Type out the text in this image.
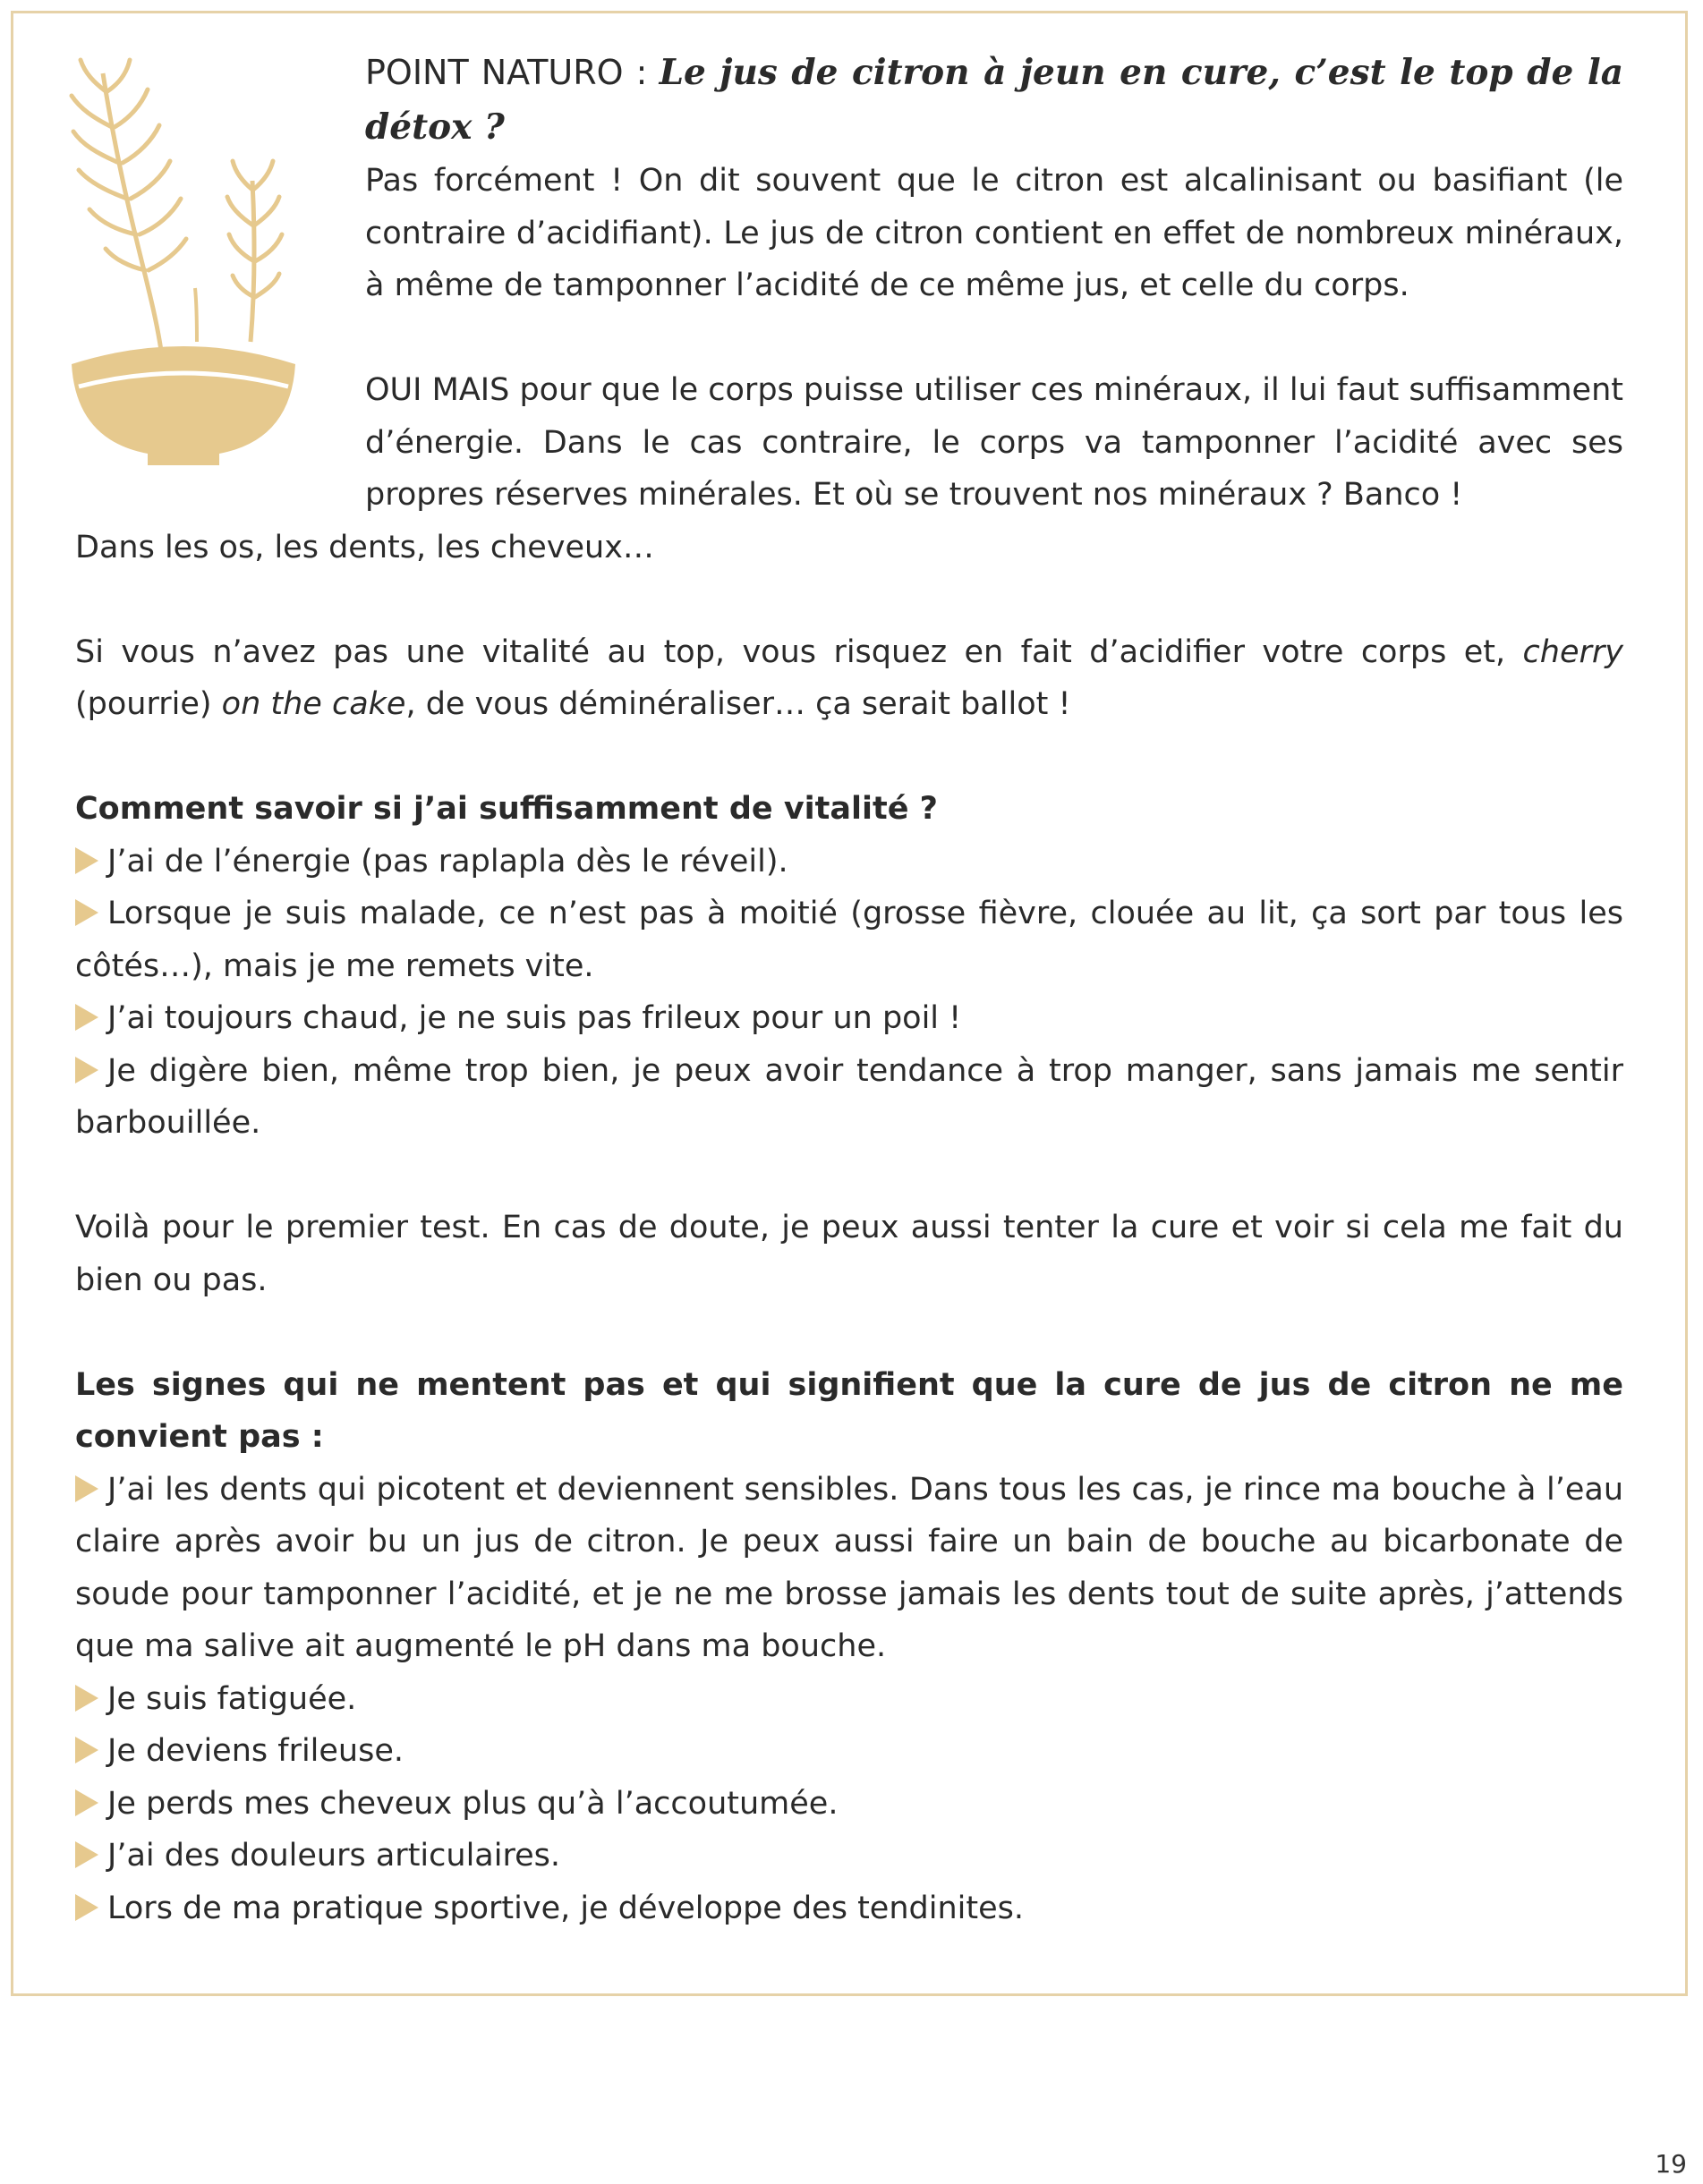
POINT NATURO : Le jus de citron à jeun en cure, c’est le top de la détox ?

Pas forcément ! On dit souvent que le citron est alcalinisant ou basifiant (le contraire d’acidifiant). Le jus de citron contient en effet de nombreux minéraux, à même de tamponner l’acidité de ce même jus, et celle du corps.

OUI MAIS pour que le corps puisse utiliser ces minéraux, il lui faut suffisamment d’énergie. Dans le cas contraire, le corps va tamponner l’acidité avec ses propres réserves minérales. Et où se trouvent nos minéraux ? Banco !

Dans les os, les dents, les cheveux…

Si vous n’avez pas une vitalité au top, vous risquez en fait d’acidifier votre corps et, cherry (pourrie) on the cake, de vous déminéraliser… ça serait ballot !

Comment savoir si j’ai suffisamment de vitalité ?

J’ai de l’énergie (pas raplapla dès le réveil).

Lorsque je suis malade, ce n’est pas à moitié (grosse fièvre, clouée au lit, ça sort par tous les côtés…), mais je me remets vite.

J’ai toujours chaud, je ne suis pas frileux pour un poil !

Je digère bien, même trop bien, je peux avoir tendance à trop manger, sans jamais me sentir barbouillée.

Voilà pour le premier test. En cas de doute, je peux aussi tenter la cure et voir si cela me fait du bien ou pas.

Les signes qui ne mentent pas et qui signifient que la cure de jus de citron ne me convient pas :

J’ai les dents qui picotent et deviennent sensibles. Dans tous les cas, je rince ma bouche à l’eau claire après avoir bu un jus de citron. Je peux aussi faire un bain de bouche au bicarbonate de soude pour tamponner l’acidité, et je ne me brosse jamais les dents tout de suite après, j’attends que ma salive ait augmenté le pH dans ma bouche.

Je suis fatiguée.

Je deviens frileuse.

Je perds mes cheveux plus qu’à l’accoutumée.

J’ai des douleurs articulaires.

Lors de ma pratique sportive, je développe des tendinites.

19
